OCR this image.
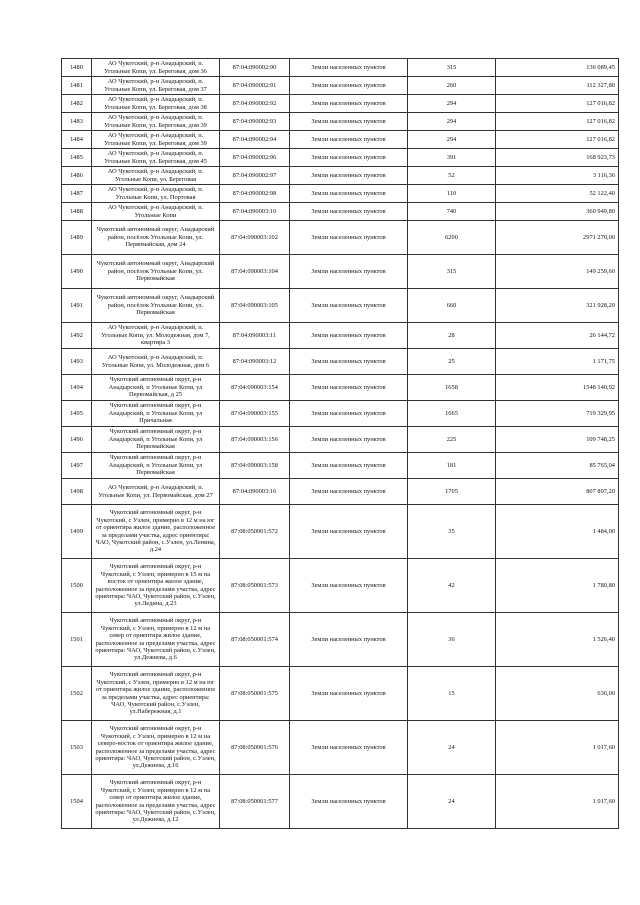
1480	АО Чукотский, р-н Анадырский, п. Угольные Копи, ул. Береговая, дом 36	87:04:090002:90	Земли населенных пунктов	315	136 089,45
1481	АО Чукотский, р-н Анадырский, п. Угольные Копи, ул. Береговая, дом 37	87:04:090002:91	Земли населенных пунктов	260	112 327,80
1482	АО Чукотский, р-н Анадырский, п. Угольные Копи, ул. Береговая, дом 38	87:04:090002:92	Земли населенных пунктов	294	127 016,82
1483	АО Чукотский, р-н Анадырский, п. Угольные Копи, ул. Береговая, дом 39	87:04:090002:93	Земли населенных пунктов	294	127 016,82
1484	АО Чукотский, р-н Анадырский, п. Угольные Копи, ул. Береговая, дом 39	87:04:090002:94	Земли населенных пунктов	294	127 016,82
1485	АО Чукотский, р-н Анадырский, п. Угольные Копи, ул. Береговая, дом 45	87:04:090002:96	Земли населенных пунктов	391	168 923,73
1486	АО Чукотский, р-н Анадырский, п. Угольные Копи, ул. Береговая	87:04:090002:97	Земли населенных пунктов	52	3 116,36
1487	АО Чукотский, р-н Анадырский, п. Угольные Копи, ул. Портовая	87:04:090002:98	Земли населенных пунктов	110	52 122,40
1488	АО Чукотский, р-н Анадырский, п. Угольные Копи	87:04:090003:10	Земли населенных пунктов	740	360 949,80
1489	Чукотский автономный округ, Анадырский район, посёлок Угольные Копи, ул. Первомайская, дом 24	87:04:090003:102	Земли населенных пунктов	6200	2971 270,00
1490	Чукотский автономный округ, Анадырский район, посёлок Угольные Копи, ул. Первомайская	87:04:090003:104	Земли населенных пунктов	315	149 259,60
1491	Чукотский автономный округ, Анадырский район, посёлок Угольные Копи, ул. Первомайская	87:04:090003:105	Земли населенных пунктов	660	321 928,20
1492	АО Чукотский, р-н Анадырский, п. Угольные Копи, ул. Молодежная, дом 7, квартира 3	87:04:090003:11	Земли населенных пунктов	28	26 144,72
1493	АО Чукотский, р-н Анадырский, п. Угольные Копи, ул. Молодежная, дом 6	87:04:090003:12	Земли населенных пунктов	25	1 171,75
1494	Чукотский автономный округ, р-н Анадырский, п Угольные Копи, ул Первомайская, д 25	87:04:090003:154	Земли населенных пунктов	1658	1548 140,92
1495	Чукотский автономный округ, р-н Анадырский, п Угольные Копи, ул Причальная	87:04:090003:155	Земли населенных пунктов	1665	719 329,95
1496	Чукотский автономный округ, р-н Анадырский, п Угольные Копи, ул Первомайская	87:04:090003:156	Земли населенных пунктов	225	109 748,25
1497	Чукотский автономный округ, р-н Анадырский, п Угольные Копи, ул Первомайская	87:04:090003:158	Земли населенных пунктов	181	85 765,04
1498	АО Чукотский, р-н Анадырский, п. Угольные Копи, ул. Первомайская, дом 27	87:04:090003:16	Земли населенных пунктов	1705	807 897,20
1499	Чукотский автономный округ, р-н Чукотский, с Уэлен, примерно в 12 м на юг от ориентира жилое здание, расположенное за пределами участка, адрес ориентира: ЧАО, Чукотский район, с.Уэлен, ул.Ленина, д.24	87:08:050001:572	Земли населенных пунктов	35	1 484,00
1500	Чукотский автономный округ, р-н Чукотский, с Уэлен, примерно в 15 м на восток от ориентира жилое здание, расположенное за пределами участка, адрес ориентира: ЧАО, Чукотский район, с.Уэлен, ул.Ледина, д.23	87:08:050001:573	Земли населенных пунктов	42	1 780,80
1501	Чукотский автономный округ, р-н Чукотский, с Уэлен, примерно в 12 м на север от ориентира жилое здание, расположенное за пределами участка, адрес ориентира: ЧАО, Чукотский район, с.Уэлен, ул.Дежнева, д.6	87:08:050001:574	Земли населенных пунктов	36	1 526,40
1502	Чукотский автономный округ, р-н Чукотский, с Уэлен, примерно в 12 м на юг от ориентира жилое здание, расположенное за пределами участка, адрес ориентира: ЧАО, Чукотский район, с.Уэлен, ул.Набережная, д.1	87:08:050001:575	Земли населенных пунктов	15	636,00
1503	Чукотский автономный округ, р-н Чукотский, с Уэлен, примерно в 12 м на северо-восток от ориентира жилое здание, расположенное за пределами участка, адрес ориентира: ЧАО, Чукотский район, с.Уэлен, ул.Дежнева, д.16	87:08:050001:576	Земли населенных пунктов	24	1 017,60
1504	Чукотский автономный округ, р-н Чукотский, с Уэлен, примерно в 12 м на север от ориентира жилое здание, расположенное за пределами участка, адрес ориентира: ЧАО, Чукотский район, с.Уэлен, ул.Дежнева, д.12	87:08:050001:577	Земли населенных пунктов	24	1 017,60
